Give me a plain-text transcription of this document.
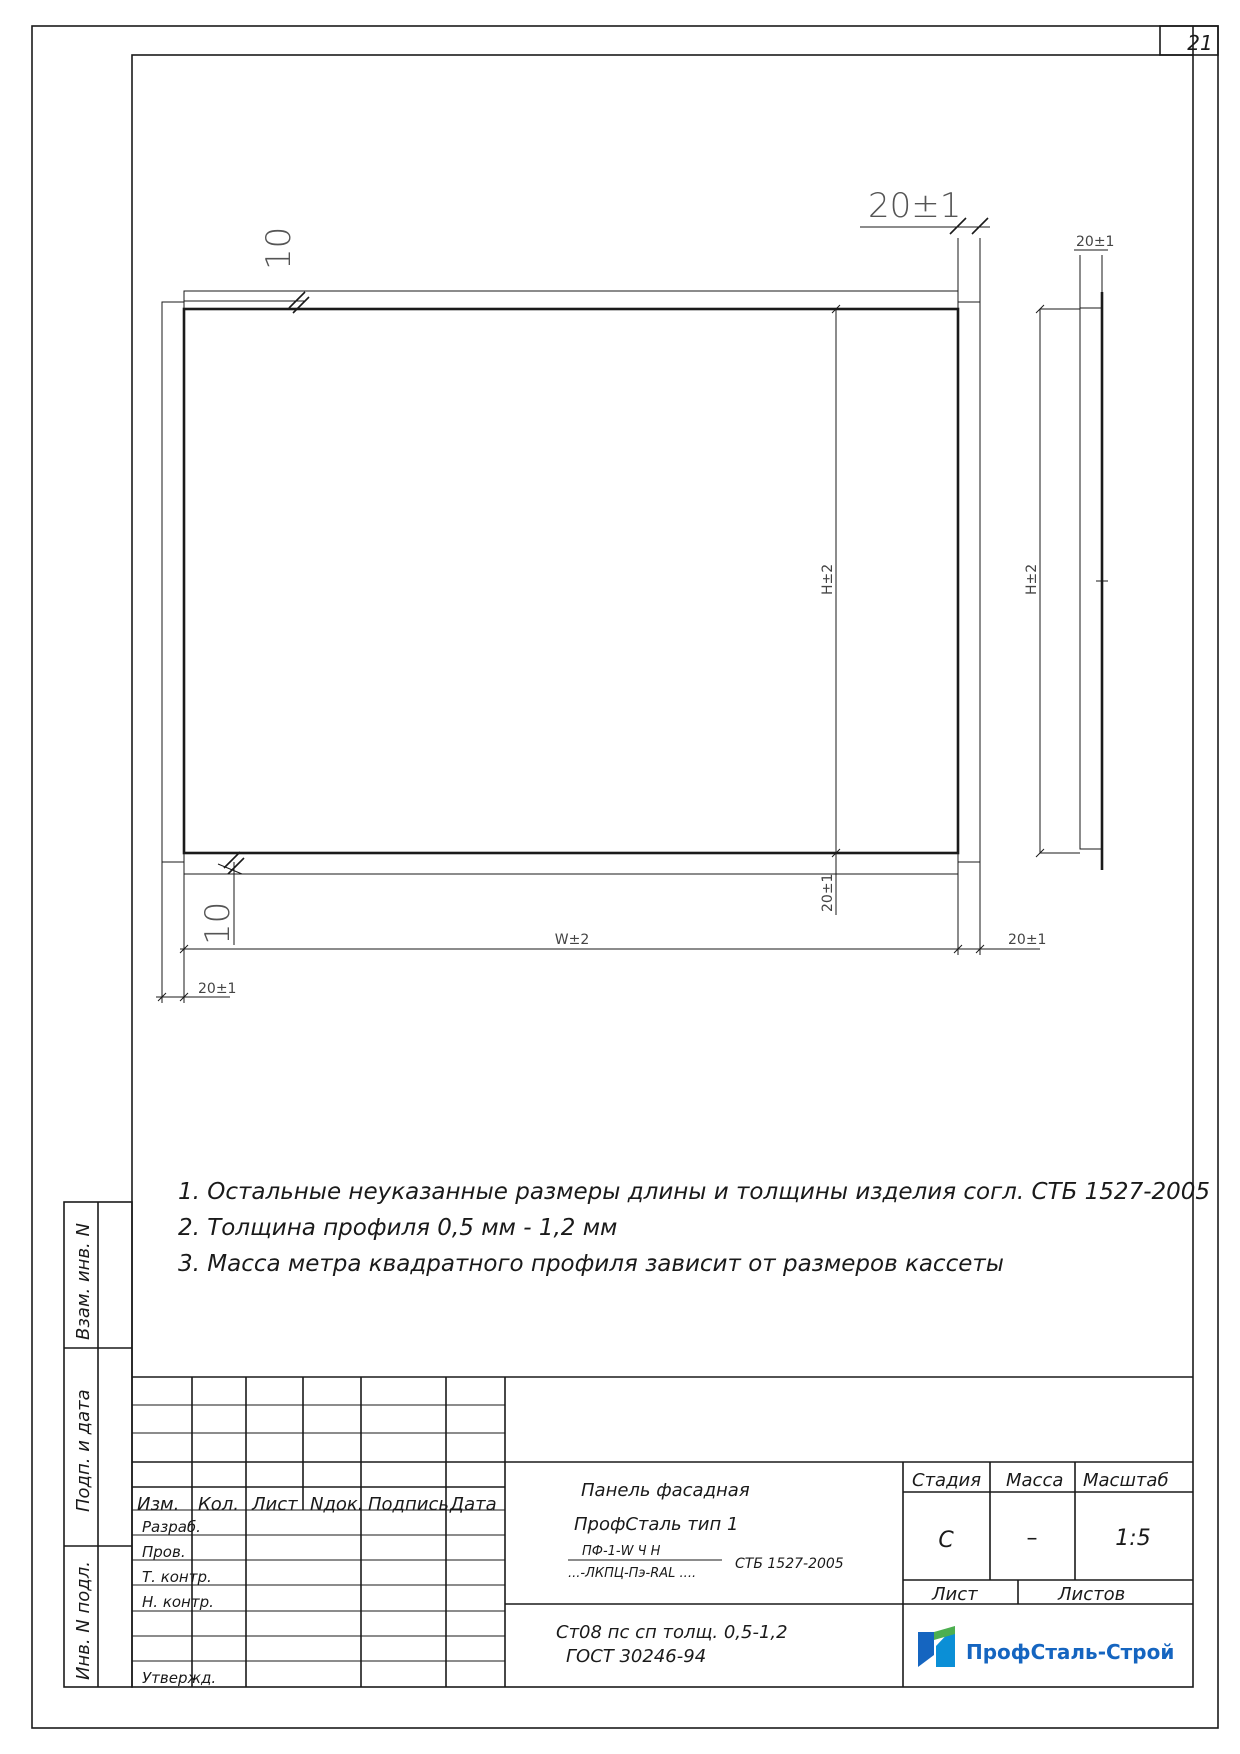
21
20±1
10	20±1
H±2	H±2
20±1
10	W±2	20±1
20±1
1. Остальные неуказанные размеры длины и толщины изделия согл. СТБ 1527-2005
2. Толщина профиля 0,5 мм - 1,2 мм
3. Масса метра квадратного профиля зависит от размеров кассеты
Взам. инв. N
Подп. и дата
Инв. N подл.
Изм. Кол. Лист Nдок. Подпись Дата
Разраб.
Пров.
Т. контр.
Н. контр.
Утвержд.
Панель фасадная
ПрофСталь тип 1
ПФ-1-W Ч H
...-ЛКПЦ-Пэ-RAL ....
СТБ 1527-2005
Ст08 пс сп толщ. 0,5-1,2
ГОСТ 30246-94
Стадия Масса Масштаб
С	–	1:5
Лист	Листов
ПрофСталь-Строй
